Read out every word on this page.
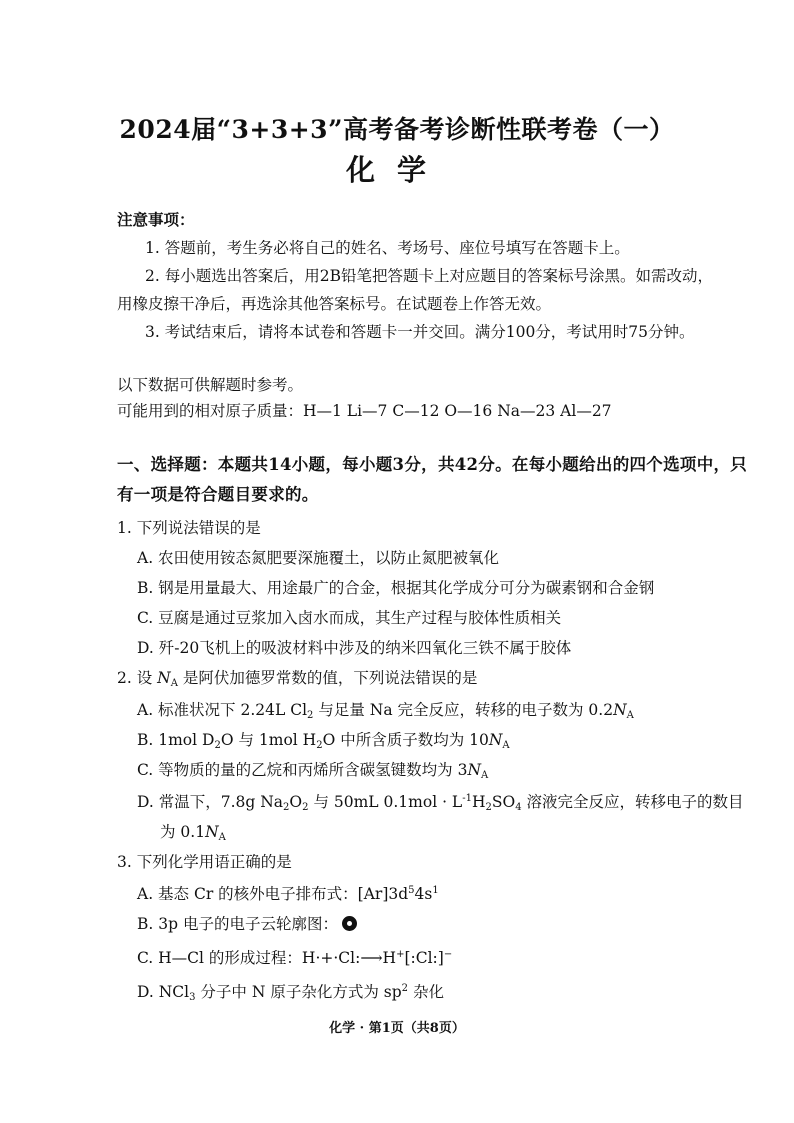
2024届“3+3+3”高考备考诊断性联考卷（一）
化学
注意事项：
1. 答题前，考生务必将自己的姓名、考场号、座位号填写在答题卡上。
2. 每小题选出答案后，用2B铅笔把答题卡上对应题目的答案标号涂黑。如需改动，
用橡皮擦干净后，再选涂其他答案标号。在试题卷上作答无效。
3. 考试结束后，请将本试卷和答题卡一并交回。满分100分，考试用时75分钟。
以下数据可供解题时参考。
可能用到的相对原子质量：H—1 Li—7 C—12 O—16 Na—23 Al—27
一、选择题：本题共14小题，每小题3分，共42分。在每小题给出的四个选项中，只
有一项是符合题目要求的。
1. 下列说法错误的是
A. 农田使用铵态氮肥要深施覆土，以防止氮肥被氧化
B. 钢是用量最大、用途最广的合金，根据其化学成分可分为碳素钢和合金钢
C. 豆腐是通过豆浆加入卤水而成，其生产过程与胶体性质相关
D. 歼-20飞机上的吸波材料中涉及的纳米四氧化三铁不属于胶体
2. 设 $N_A$ 是阿伏加德罗常数的值，下列说法错误的是
A. 标准状况下 2.24L $Cl_2$ 与足量 Na 完全反应，转移的电子数为 $0.2N_A$
B. 1mol $D_2O$ 与 1mol $H_2O$ 中所含质子数均为 $10N_A$
C. 等物质的量的乙烷和丙烯所含碳氢键数均为 $3N_A$
D. 常温下，7.8g $Na_2O_2$ 与 50mL $0.1mol \cdot L^{-1}H_2SO_4$ 溶液完全反应，转移电子的数目
为 $0.1N_A$
3. 下列化学用语正确的是
A. 基态 Cr 的核外电子排布式：$[Ar]3d^54s^1$
B. 3p 电子的电子云轮廓图：
C. H—Cl 的形成过程：H·+·Cl:⟶H+[:Cl:]−
D. NCl$_3$ 分子中 N 原子杂化方式为 $sp^2$ 杂化
化学 · 第1页（共8页）
